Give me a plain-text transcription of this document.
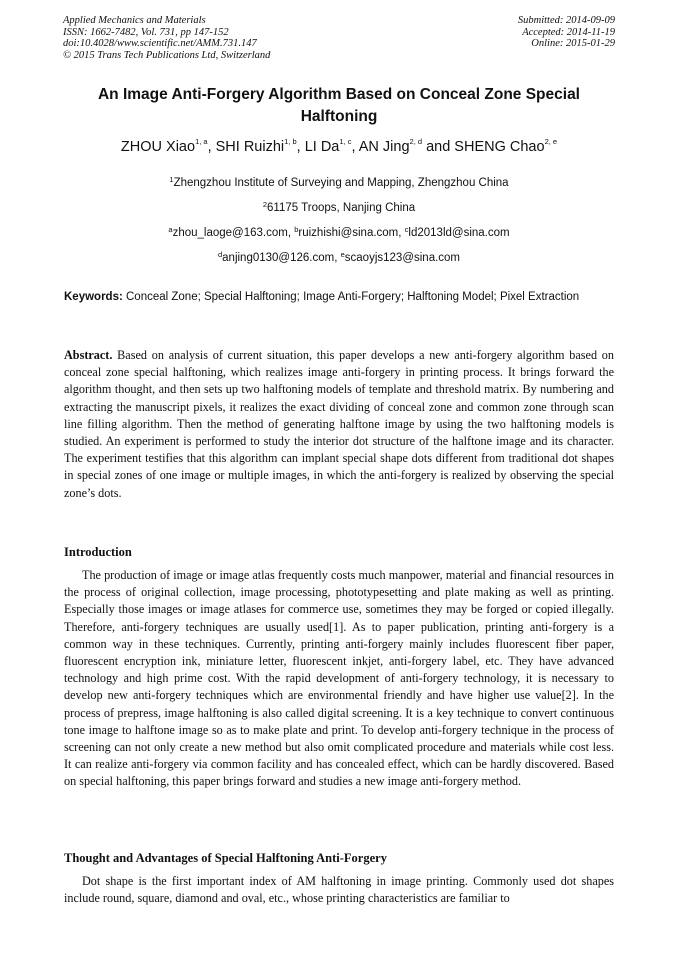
Applied Mechanics and Materials
ISSN: 1662-7482, Vol. 731, pp 147-152
doi:10.4028/www.scientific.net/AMM.731.147
© 2015 Trans Tech Publications Ltd, Switzerland
Submitted: 2014-09-09
Accepted: 2014-11-19
Online: 2015-01-29
An Image Anti-Forgery Algorithm Based on Conceal Zone Special Halftoning
ZHOU Xiao$^{1, a}$, SHI Ruizhi$^{1, b}$, LI Da$^{1, c}$, AN Jing$^{2, d}$ and SHENG Chao$^{2, e}$
$^1$Zhengzhou Institute of Surveying and Mapping, Zhengzhou China
$^2$61175 Troops, Nanjing China
$^a$zhou_laoge@163.com, $^b$ruizhishi@sina.com, $^c$ld2013ld@sina.com
$^d$anjing0130@126.com, $^e$scaoyjs123@sina.com
Keywords: Conceal Zone; Special Halftoning; Image Anti-Forgery; Halftoning Model; Pixel Extraction
Abstract. Based on analysis of current situation, this paper develops a new anti-forgery algorithm based on conceal zone special halftoning, which realizes image anti-forgery in printing process. It brings forward the algorithm thought, and then sets up two halftoning models of template and threshold matrix. By numbering and extracting the manuscript pixels, it realizes the exact dividing of conceal zone and common zone through scan line filling algorithm. Then the method of generating halftone image by using the two halftoning models is studied. An experiment is performed to study the interior dot structure of the halftone image and its character. The experiment testifies that this algorithm can implant special shape dots different from traditional dot shapes in special zones of one image or multiple images, in which the anti-forgery is realized by observing the special zone’s dots.
Introduction
The production of image or image atlas frequently costs much manpower, material and financial resources in the process of original collection, image processing, phototypesetting and plate making as well as printing. Especially those images or image atlases for commerce use, sometimes they may be forged or copied illegally. Therefore, anti-forgery techniques are usually used[1]. As to paper publication, printing anti-forgery is a common way in these techniques. Currently, printing anti-forgery mainly includes fluorescent fiber paper, fluorescent encryption ink, miniature letter, fluorescent inkjet, anti-forgery label, etc. They have advanced technology and high prime cost. With the rapid development of anti-forgery technology, it is necessary to develop new anti-forgery techniques which are environmental friendly and have higher use value[2]. In the process of prepress, image halftoning is also called digital screening. It is a key technique to convert continuous tone image to halftone image so as to make plate and print. To develop anti-forgery technique in the process of screening can not only create a new method but also omit complicated procedure and materials while cost less. It can realize anti-forgery via common facility and has concealed effect, which can be hardly discovered. Based on special halftoning, this paper brings forward and studies a new image anti-forgery method.
Thought and Advantages of Special Halftoning Anti-Forgery
Dot shape is the first important index of AM halftoning in image printing. Commonly used dot shapes include round, square, diamond and oval, etc., whose printing characteristics are familiar to
